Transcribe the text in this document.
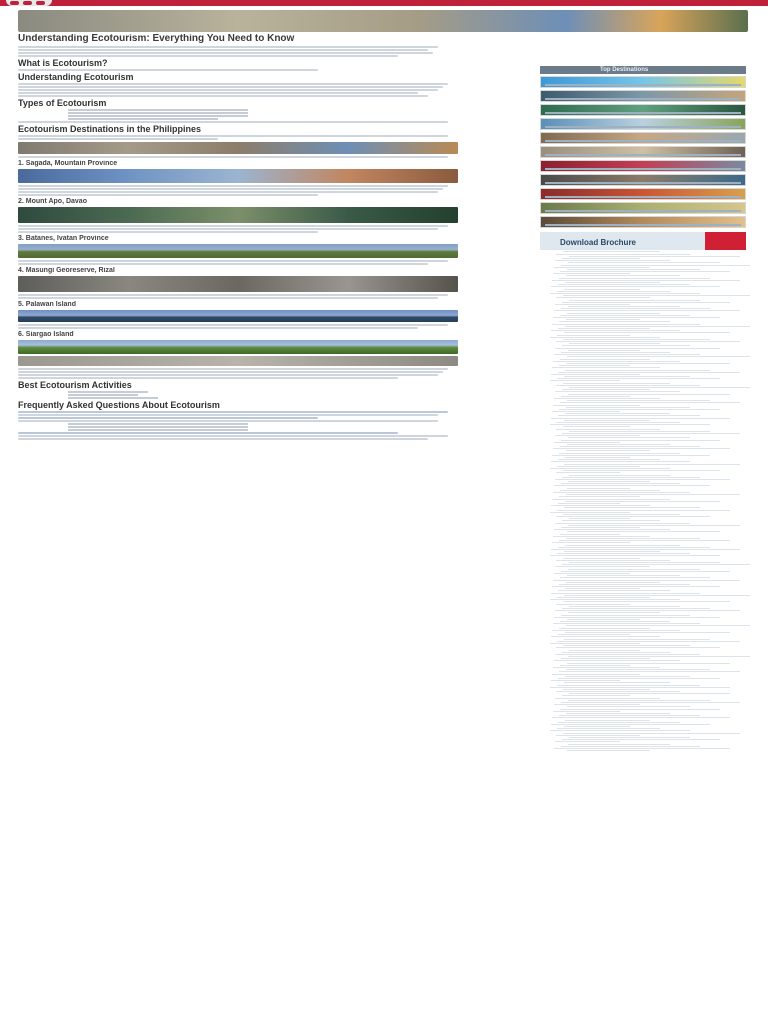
Understanding Ecotourism: Everything You Need to Know
What is Ecotourism?
Understanding Ecotourism
Types of Ecotourism
Ecotourism Destinations in the Philippines
1. Sagada, Mountain Province
2. Mount Apo, Davao
3. Batanes, Ivatan Province
4. Masungi Georeserve, Rizal
5. Palawan Island
6. Siargao Island
Best Ecotourism Activities
Frequently Asked Questions About Ecotourism
Top Destinations
Download Brochure
